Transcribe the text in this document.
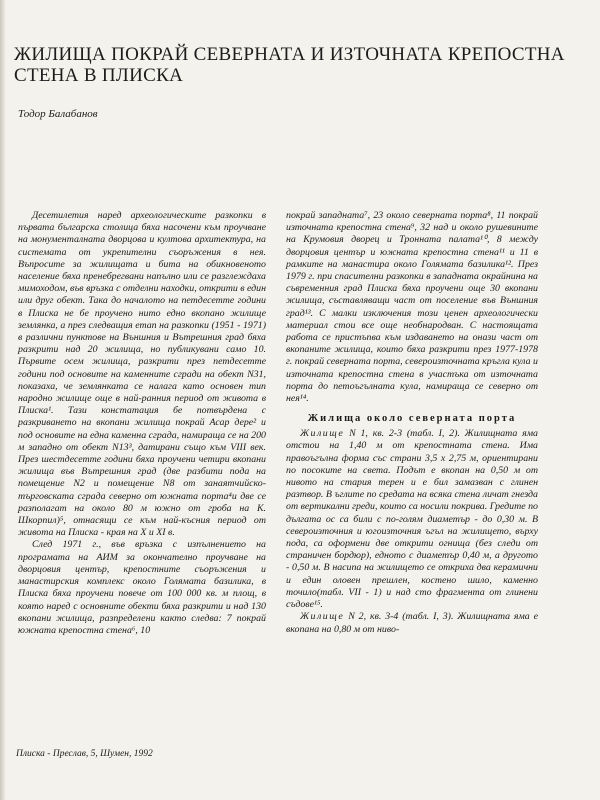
ЖИЛИЩА ПОКРАЙ СЕВЕРНАТА И ИЗТОЧНАТА КРЕПОСТНА СТЕНА В ПЛИСКА

Тодор Балабанов

Десетилетия наред археологическите разкопки в първата българска столица бяха насочени към проучване на монументалната дворцова и култова архитектура, на системата от укрепителни съоръжения в нея. Въпросите за жилищата и бита на обикновеното население бяха пренебрегвани напълно или се разглеждаха мимоходом, във връзка с отделни находки, открити в един или друг обект. Така до началото на петдесетте години в Плиска не бе проучено нито едно вкопано жилище землянка, а през следващия етап на разкопки (1951 - 1971) в различни пунктове на Външния и Вътрешния град бяха разкрити над 20 жилища, но публикувани само 10. Първите осем жилища, разкрити през петдесетте години под основите на каменните сгради на обект N31, показаха, че землянката се налага като основен тип народно жилище още в най-ранния период от живота в Плиска¹. Тази констатация бе потвърдена с разкриването на вкопани жилища покрай Асар дере² и под основите на една каменна сграда, намираща се на 200 м западно от обект N13³, датирани също към VIII век. През шестдесетте години бяха проучени четири вкопани жилища във Вътрешния град (две разбити пода на помещение N2 и помещение N8 от занаятчийско-търговската сграда северно от южната порта⁴и две се разполагат на около 80 м южно от гроба на К. Шкорпил)⁵, отнасящи се към най-късния период от живота на Плиска - края на X и XI в.

След 1971 г., във връзка с изпълнението на програмата на АИМ за окончателно проучване на дворцовия център, крепостните съоръжения и манастирския комплекс около Голямата базилика, в Плиска бяха проучени повече от 100 000 кв. м площ, в която наред с основните обекти бяха разкрити и над 130 вкопани жилища, разпределени както следва: 7 покрай южната крепостна стена⁶, 10

покрай западната⁷, 23 около северната порта⁸, 11 покрай източната крепостна стена⁹, 32 над и около рушевините на Крумовия дворец и Тронната палата¹⁰, 8 между дворцовия център и южната крепостна стена¹¹ и 11 в рамките на манастира около Голямата базилика¹². През 1979 г. при спасителни разкопки в западната окрайнина на съвременния град Плиска бяха проучени още 30 вкопани жилища, съставляващи част от поселение във Външния град¹³. С малки изключения този ценен археологически материал стои все още необнародван. С настоящата работа се пристъпва към издаването на онази част от вкопаните жилища, които бяха разкрити през 1977-1978 г. покрай северната порта, североизточната кръгла кула и източната крепостна стена в участъка от източната порта до петоъгълната кула, намираща се северно от нея¹⁴.

Жилища около северната порта

Жилище N 1, кв. 2-3 (табл. I, 2). Жилищната яма отстои на 1,40 м от крепостната стена. Има правоъгълна форма със страни 3,5 х 2,75 м, ориентирани по посоките на света. Подът е вкопан на 0,50 м от нивото на стария терен и е бил замазван с глинен разтвор. В ъглите по средата на всяка стена личат гнезда от вертикални греди, които са носили покрива. Гредите по дългата ос са били с по-голям диаметър - до 0,30 м. В североизточния и югоизточния ъгъл на жилището, върху пода, са оформени две открити огнища (без следи от страничен бордюр), едното с диаметър 0,40 м, а другото - 0,50 м. В насипа на жилището се откриха два керамични и един оловен прешлен, костено шило, каменно точило(табл. VII - 1) и над сто фрагмента от глинени съдове¹⁵.

Жилище N 2, кв. 3-4 (табл. I, 3). Жилищната яма е вкопана на 0,80 м от ниво-

Плиска - Преслав, 5, Шумен, 1992
